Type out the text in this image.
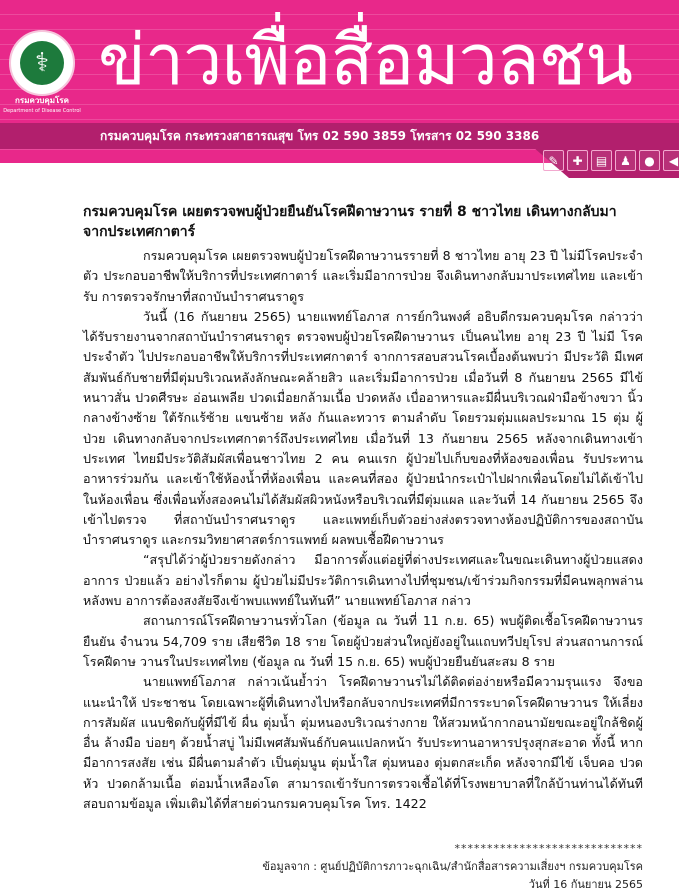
⚕
กรมควบคุมโรค
Department of Disease Control
ข่าวเพื่อสื่อมวลชน
กรมควบคุมโรค กระทรวงสาธารณสุข โทร 02 590 3859 โทรสาร 02 590 3386
✎	✚	▤	♟	●	◀
กรมควบคุมโรค เผยตรวจพบผู้ป่วยยืนยันโรคฝีดาษวานร รายที่ 8 ชาวไทย เดินทางกลับมา จากประเทศกาตาร์
กรมควบคุมโรค เผยตรวจพบผู้ป่วยโรคฝีดาษวานรรายที่ 8 ชาวไทย อายุ 23 ปี ไม่มีโรคประจำตัว ประกอบอาชีพให้บริการที่ประเทศกาตาร์ และเริ่มมีอาการป่วย จึงเดินทางกลับมาประเทศไทย และเข้ารับ การตรวจรักษาที่สถาบันบำราศนราดูร
วันนี้ (16 กันยายน 2565) นายแพทย์โอภาส การย์กวินพงศ์ อธิบดีกรมควบคุมโรค กล่าวว่า ได้รับรายงานจากสถาบันบำราศนราดูร ตรวจพบผู้ป่วยโรคฝีดาษวานร เป็นคนไทย อายุ 23 ปี ไม่มี โรคประจำตัว ไปประกอบอาชีพให้บริการที่ประเทศกาตาร์ จากการสอบสวนโรคเบื้องต้นพบว่า มีประวัติ มีเพศสัมพันธ์กับชายที่มีตุ่มบริเวณหลังลักษณะคล้ายสิว และเริ่มมีอาการป่วย เมื่อวันที่ 8 กันยายน 2565 มีไข้ หนาวสั่น ปวดศีรษะ อ่อนเพลีย ปวดเมื่อยกล้ามเนื้อ ปวดหลัง เบื่ออาหารและมีผื่นบริเวณฝ่ามือข้างขวา นิ้วกลางข้างซ้าย ใต้รักแร้ซ้าย แขนซ้าย หลัง ก้นและทวาร ตามลำดับ โดยรวมตุ่มแผลประมาณ 15 ตุ่ม ผู้ป่วย เดินทางกลับจากประเทศกาตาร์ถึงประเทศไทย เมื่อวันที่ 13 กันยายน 2565 หลังจากเดินทางเข้าประเทศ ไทยมีประวัติสัมผัสเพื่อนชาวไทย 2 คน คนแรก ผู้ป่วยไปเก็บของที่ห้องของเพื่อน รับประทานอาหารร่วมกัน และเข้าใช้ห้องน้ำที่ห้องเพื่อน และคนที่สอง ผู้ป่วยนำกระเป๋าไปฝากเพื่อนโดยไม่ได้เข้าไปในห้องเพื่อน ซึ่งเพื่อนทั้งสองคนไม่ได้สัมผัสผิวหนังหรือบริเวณที่มีตุ่มแผล และวันที่ 14 กันยายน 2565 จึงเข้าไปตรวจ ที่สถาบันบำราศนราดูร และแพทย์เก็บตัวอย่างส่งตรวจทางห้องปฏิบัติการของสถาบันบำราศนราดูร และกรมวิทยาศาสตร์การแพทย์ ผลพบเชื้อฝีดาษวานร
“สรุปได้ว่าผู้ป่วยรายดังกล่าว มีอาการตั้งแต่อยู่ที่ต่างประเทศและในขณะเดินทางผู้ป่วยแสดงอาการ ป่วยแล้ว อย่างไรก็ตาม ผู้ป่วยไม่มีประวัติการเดินทางไปที่ชุมชน/เข้าร่วมกิจกรรมที่มีคนพลุกพล่าน หลังพบ อาการต้องสงสัยจึงเข้าพบแพทย์ในทันที” นายแพทย์โอภาส กล่าว
สถานการณ์โรคฝีดาษวานรทั่วโลก (ข้อมูล ณ วันที่ 11 ก.ย. 65) พบผู้ติดเชื้อโรคฝีดาษวานรยืนยัน จำนวน 54,709 ราย เสียชีวิต 18 ราย โดยผู้ป่วยส่วนใหญ่ยังอยู่ในแถบทวีปยุโรป ส่วนสถานการณ์โรคฝีดาษ วานรในประเทศไทย (ข้อมูล ณ วันที่ 15 ก.ย. 65) พบผู้ป่วยยืนยันสะสม 8 ราย
นายแพทย์โอภาส กล่าวเน้นย้ำว่า โรคฝีดาษวานรไม่ได้ติดต่อง่ายหรือมีความรุนแรง จึงขอแนะนำให้ ประชาชน โดยเฉพาะผู้ที่เดินทางไปหรือกลับจากประเทศที่มีการระบาดโรคฝีดาษวานร ให้เลี่ยงการสัมผัส แนบชิดกับผู้ที่มีไข้ ผื่น ตุ่มน้ำ ตุ่มหนองบริเวณร่างกาย ให้สวมหน้ากากอนามัยขณะอยู่ใกล้ชิดผู้อื่น ล้างมือ บ่อยๆ ด้วยน้ำสบู่ ไม่มีเพศสัมพันธ์กับคนแปลกหน้า รับประทานอาหารปรุงสุกสะอาด ทั้งนี้ หากมีอาการสงสัย เช่น มีผื่นตามลำตัว เป็นตุ่มนูน ตุ่มน้ำใส ตุ่มหนอง ตุ่มตกสะเก็ด หลังจากมีไข้ เจ็บคอ ปวดหัว ปวดกล้ามเนื้อ ต่อมน้ำเหลืองโต สามารถเข้ารับการตรวจเชื้อได้ที่โรงพยาบาลที่ใกล้บ้านท่านได้ทันที สอบถามข้อมูล เพิ่มเติมได้ที่สายด่วนกรมควบคุมโรค โทร. 1422
*****************************
ข้อมูลจาก : ศูนย์ปฏิบัติการภาวะฉุกเฉิน/สำนักสื่อสารความเสี่ยงฯ กรมควบคุมโรค
วันที่ 16 กันยายน 2565
